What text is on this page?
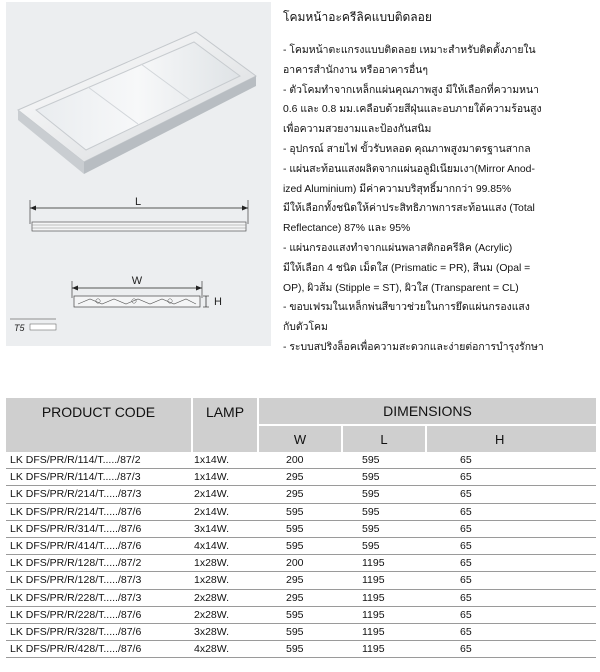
L
W
H
T5
โคมหน้าอะครีลิคแบบติดลอย
- โคมหน้าตะแกรงแบบติดลอย เหมาะสำหรับติดตั้งภายใน
อาคารสำนักงาน หรืออาคารอื่นๆ
- ตัวโคมทำจากเหล็กแผ่นคุณภาพสูง มีให้เลือกที่ความหนา
0.6 และ 0.8 มม.เคลือบด้วยสีฝุ่นและอบภายใต้ความร้อนสูง
เพื่อความสวยงามและป้องกันสนิม
- อุปกรณ์ สายไฟ ขั้วรับหลอด คุณภาพสูงมาตรฐานสากล
- แผ่นสะท้อนแสงผลิตจากแผ่นอลูมิเนียมเงา(Mirror Anod-
ized Aluminium) มีค่าความบริสุทธิ์มากกว่า 99.85%
มีให้เลือกทั้งชนิดให้ค่าประสิทธิภาพการสะท้อนแสง (Total
Reflectance) 87% และ 95%
- แผ่นกรองแสงทำจากแผ่นพลาสติกอครีลิค (Acrylic)
มีให้เลือก 4 ชนิด เม็ดใส (Prismatic = PR), สีนม (Opal =
OP), ผิวส้ม (Stipple = ST), ผิวใส (Transparent = CL)
- ขอบเฟรมในเหล็กพ่นสีขาวช่วยในการยึดแผ่นกรองแสง
กับตัวโคม
- ระบบสปริงล็อคเพื่อความสะดวกและง่ายต่อการบำรุงรักษา
PRODUCT CODE	LAMP	DIMENSIONS		
		W	L	H
LK DFS/PR/R/114/T...../87/2	1x14W.	200	595	65
LK DFS/PR/R/114/T...../87/3	1x14W.	295	595	65
LK DFS/PR/R/214/T...../87/3	2x14W.	295	595	65
LK DFS/PR/R/214/T...../87/6	2x14W.	595	595	65
LK DFS/PR/R/314/T...../87/6	3x14W.	595	595	65
LK DFS/PR/R/414/T...../87/6	4x14W.	595	595	65
LK DFS/PR/R/128/T...../87/2	1x28W.	200	1195	65
LK DFS/PR/R/128/T...../87/3	1x28W.	295	1195	65
LK DFS/PR/R/228/T...../87/3	2x28W.	295	1195	65
LK DFS/PR/R/228/T...../87/6	2x28W.	595	1195	65
LK DFS/PR/R/328/T...../87/6	3x28W.	595	1195	65
LK DFS/PR/R/428/T...../87/6	4x28W.	595	1195	65
